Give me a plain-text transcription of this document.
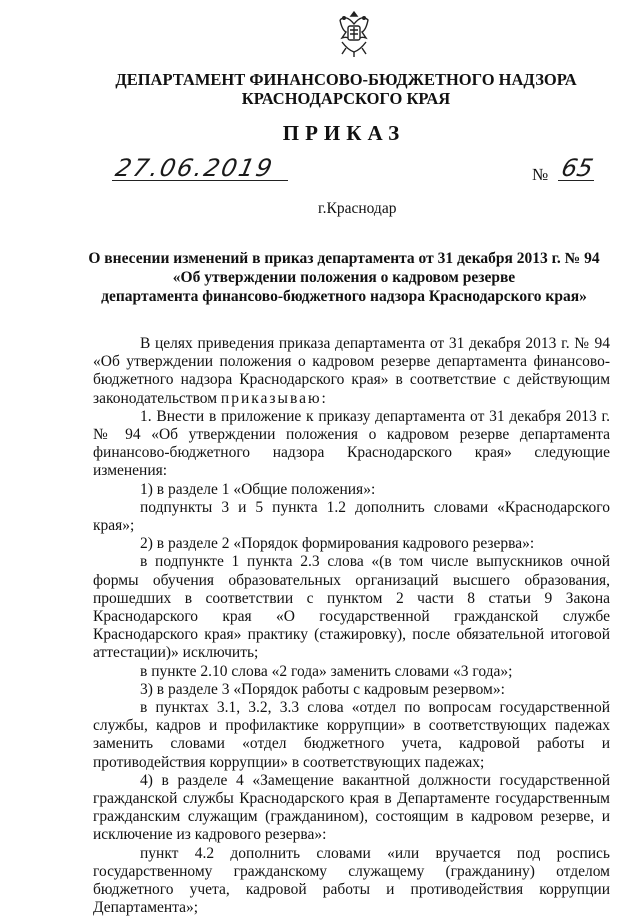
ДЕПАРТАМЕНТ ФИНАНСОВО-БЮДЖЕТНОГО НАДЗОРА
КРАСНОДАРСКОГО КРАЯ
ПРИКАЗ
27.06.2019	№ 65
г.Краснодар
О внесении изменений в приказ департамента от 31 декабря 2013 г. № 94
«Об утверждении положения о кадровом резерве
департамента финансово-бюджетного надзора Краснодарского края»

В целях приведения приказа департамента от 31 декабря 2013 г. № 94 «Об утверждении положения о кадровом резерве департамента финансово-бюджетного надзора Краснодарского края» в соответствие с действующим законодательством приказываю:

1. Внести в приложение к приказу департамента от 31 декабря 2013 г. № 94 «Об утверждении положения о кадровом резерве департамента финансово-бюджетного надзора Краснодарского края» следующие изменения:

1) в разделе 1 «Общие положения»:

подпункты 3 и 5 пункта 1.2 дополнить словами «Краснодарского края»;

2) в разделе 2 «Порядок формирования кадрового резерва»:

в подпункте 1 пункта 2.3 слова «(в том числе выпускников очной формы обучения образовательных организаций высшего образования, прошедших в соответствии с пунктом 2 части 8 статьи 9 Закона Краснодарского края «О государственной гражданской службе Краснодарского края» практику (стажировку), после обязательной итоговой аттестации)» исключить;

в пункте 2.10 слова «2 года» заменить словами «3 года»;

3) в разделе 3 «Порядок работы с кадровым резервом»:

в пунктах 3.1, 3.2, 3.3 слова «отдел по вопросам государственной службы, кадров и профилактике коррупции» в соответствующих падежах заменить словами «отдел бюджетного учета, кадровой работы и противодействия коррупции» в соответствующих падежах;

4) в разделе 4 «Замещение вакантной должности государственной гражданской службы Краснодарского края в Департаменте государственным гражданским служащим (гражданином), состоящим в кадровом резерве, и исключение из кадрового резерва»:

пункт 4.2 дополнить словами «или вручается под роспись государственному гражданскому служащему (гражданину) отделом бюджетного учета, кадровой работы и противодействия коррупции Департамента»;
